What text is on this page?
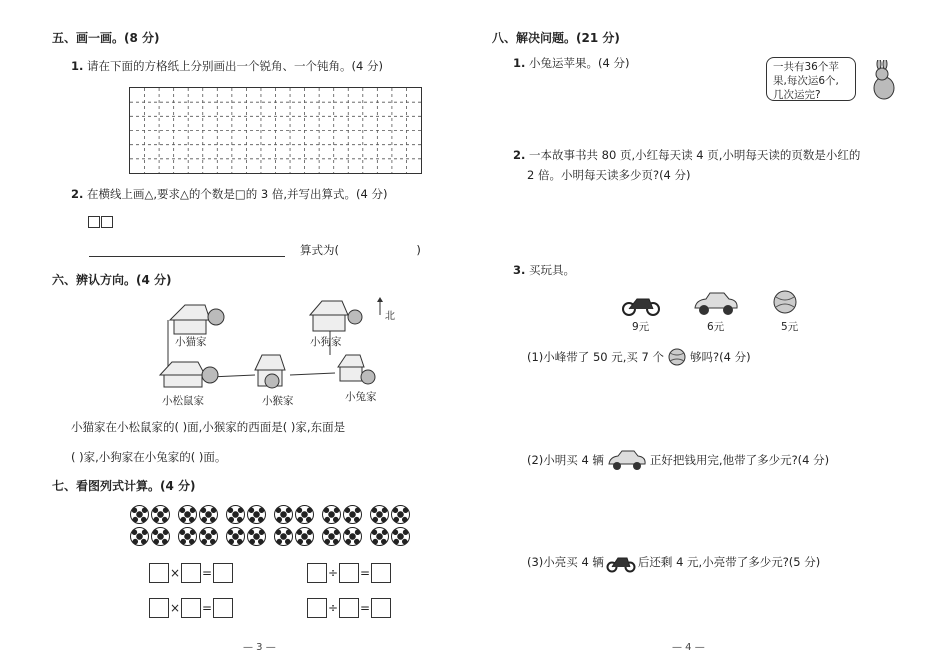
五、画一画。(8 分)
1. 请在下面的方格纸上分别画出一个锐角、一个钝角。(4 分)
2. 在横线上画△,要求△的个数是□的 3 倍,并写出算式。(4 分)
算式为(	)
六、辨认方向。(4 分)
北
小猫家	小狗家
小松鼠家	小猴家	小兔家
小猫家在小松鼠家的( )面,小猴家的西面是( )家,东面是
( )家,小狗家在小兔家的( )面。
七、看图列式计算。(4 分)
× =	÷ =
× =	÷ =
— 3 —
八、解决问题。(21 分)
1. 小兔运苹果。(4 分)	一共有36个苹果,每次运6个,几次运完?
2. 一本故事书共 80 页,小红每天读 4 页,小明每天读的页数是小红的
2 倍。小明每天读多少页?(4 分)
3. 买玩具。
9元	6元	5元
(1)小峰带了 50 元,买 7 个 够吗?(4 分)
(2)小明买 4 辆	正好把钱用完,他带了多少元?(4 分)
(3)小亮买 4 辆	后还剩 4 元,小亮带了多少元?(5 分)
— 4 —
